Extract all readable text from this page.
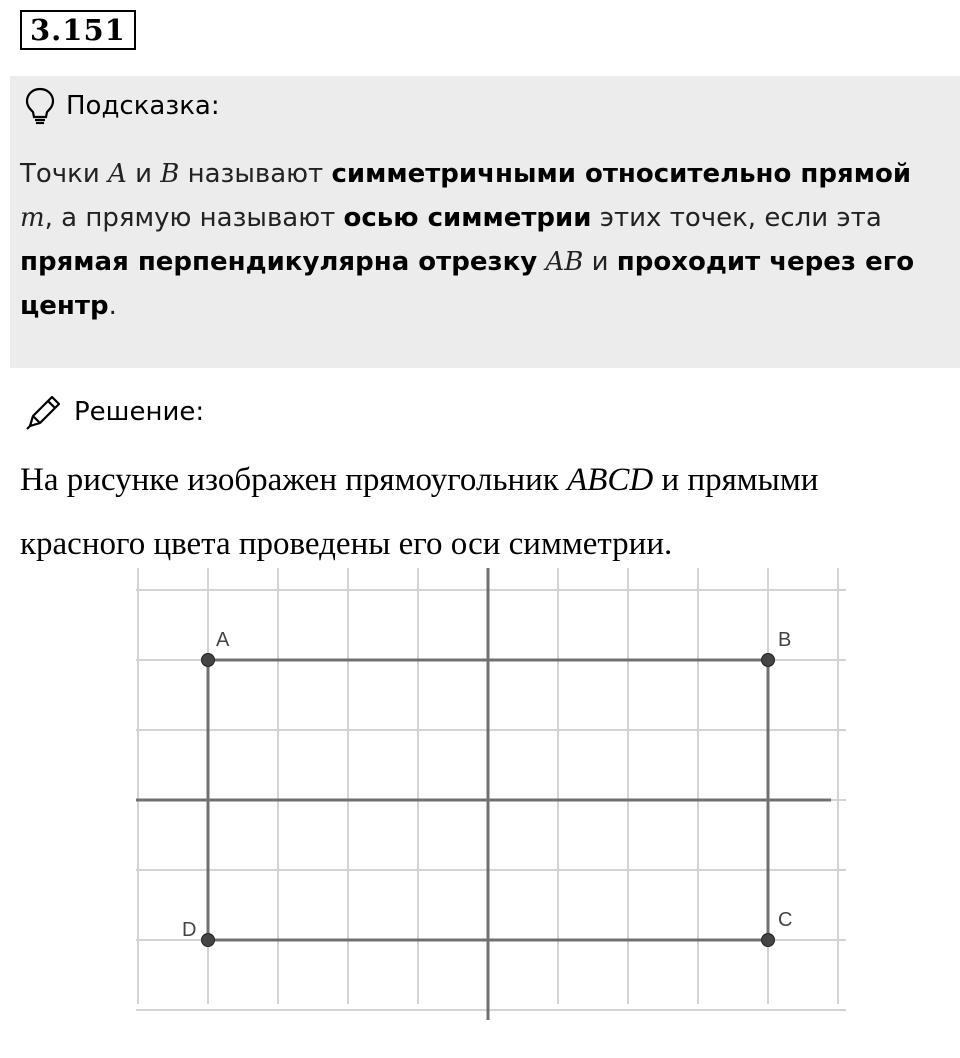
3.151
Подсказка:
Точки A и B называют симметричными относительно прямой m, а прямую называют осью симметрии этих точек, если эта прямая перпендикулярна отрезку AB и проходит через его центр.
Решение:
На рисунке изображен прямоугольник ABCD и прямыми красного цвета проведены его оси симметрии.
A	B
C
D
